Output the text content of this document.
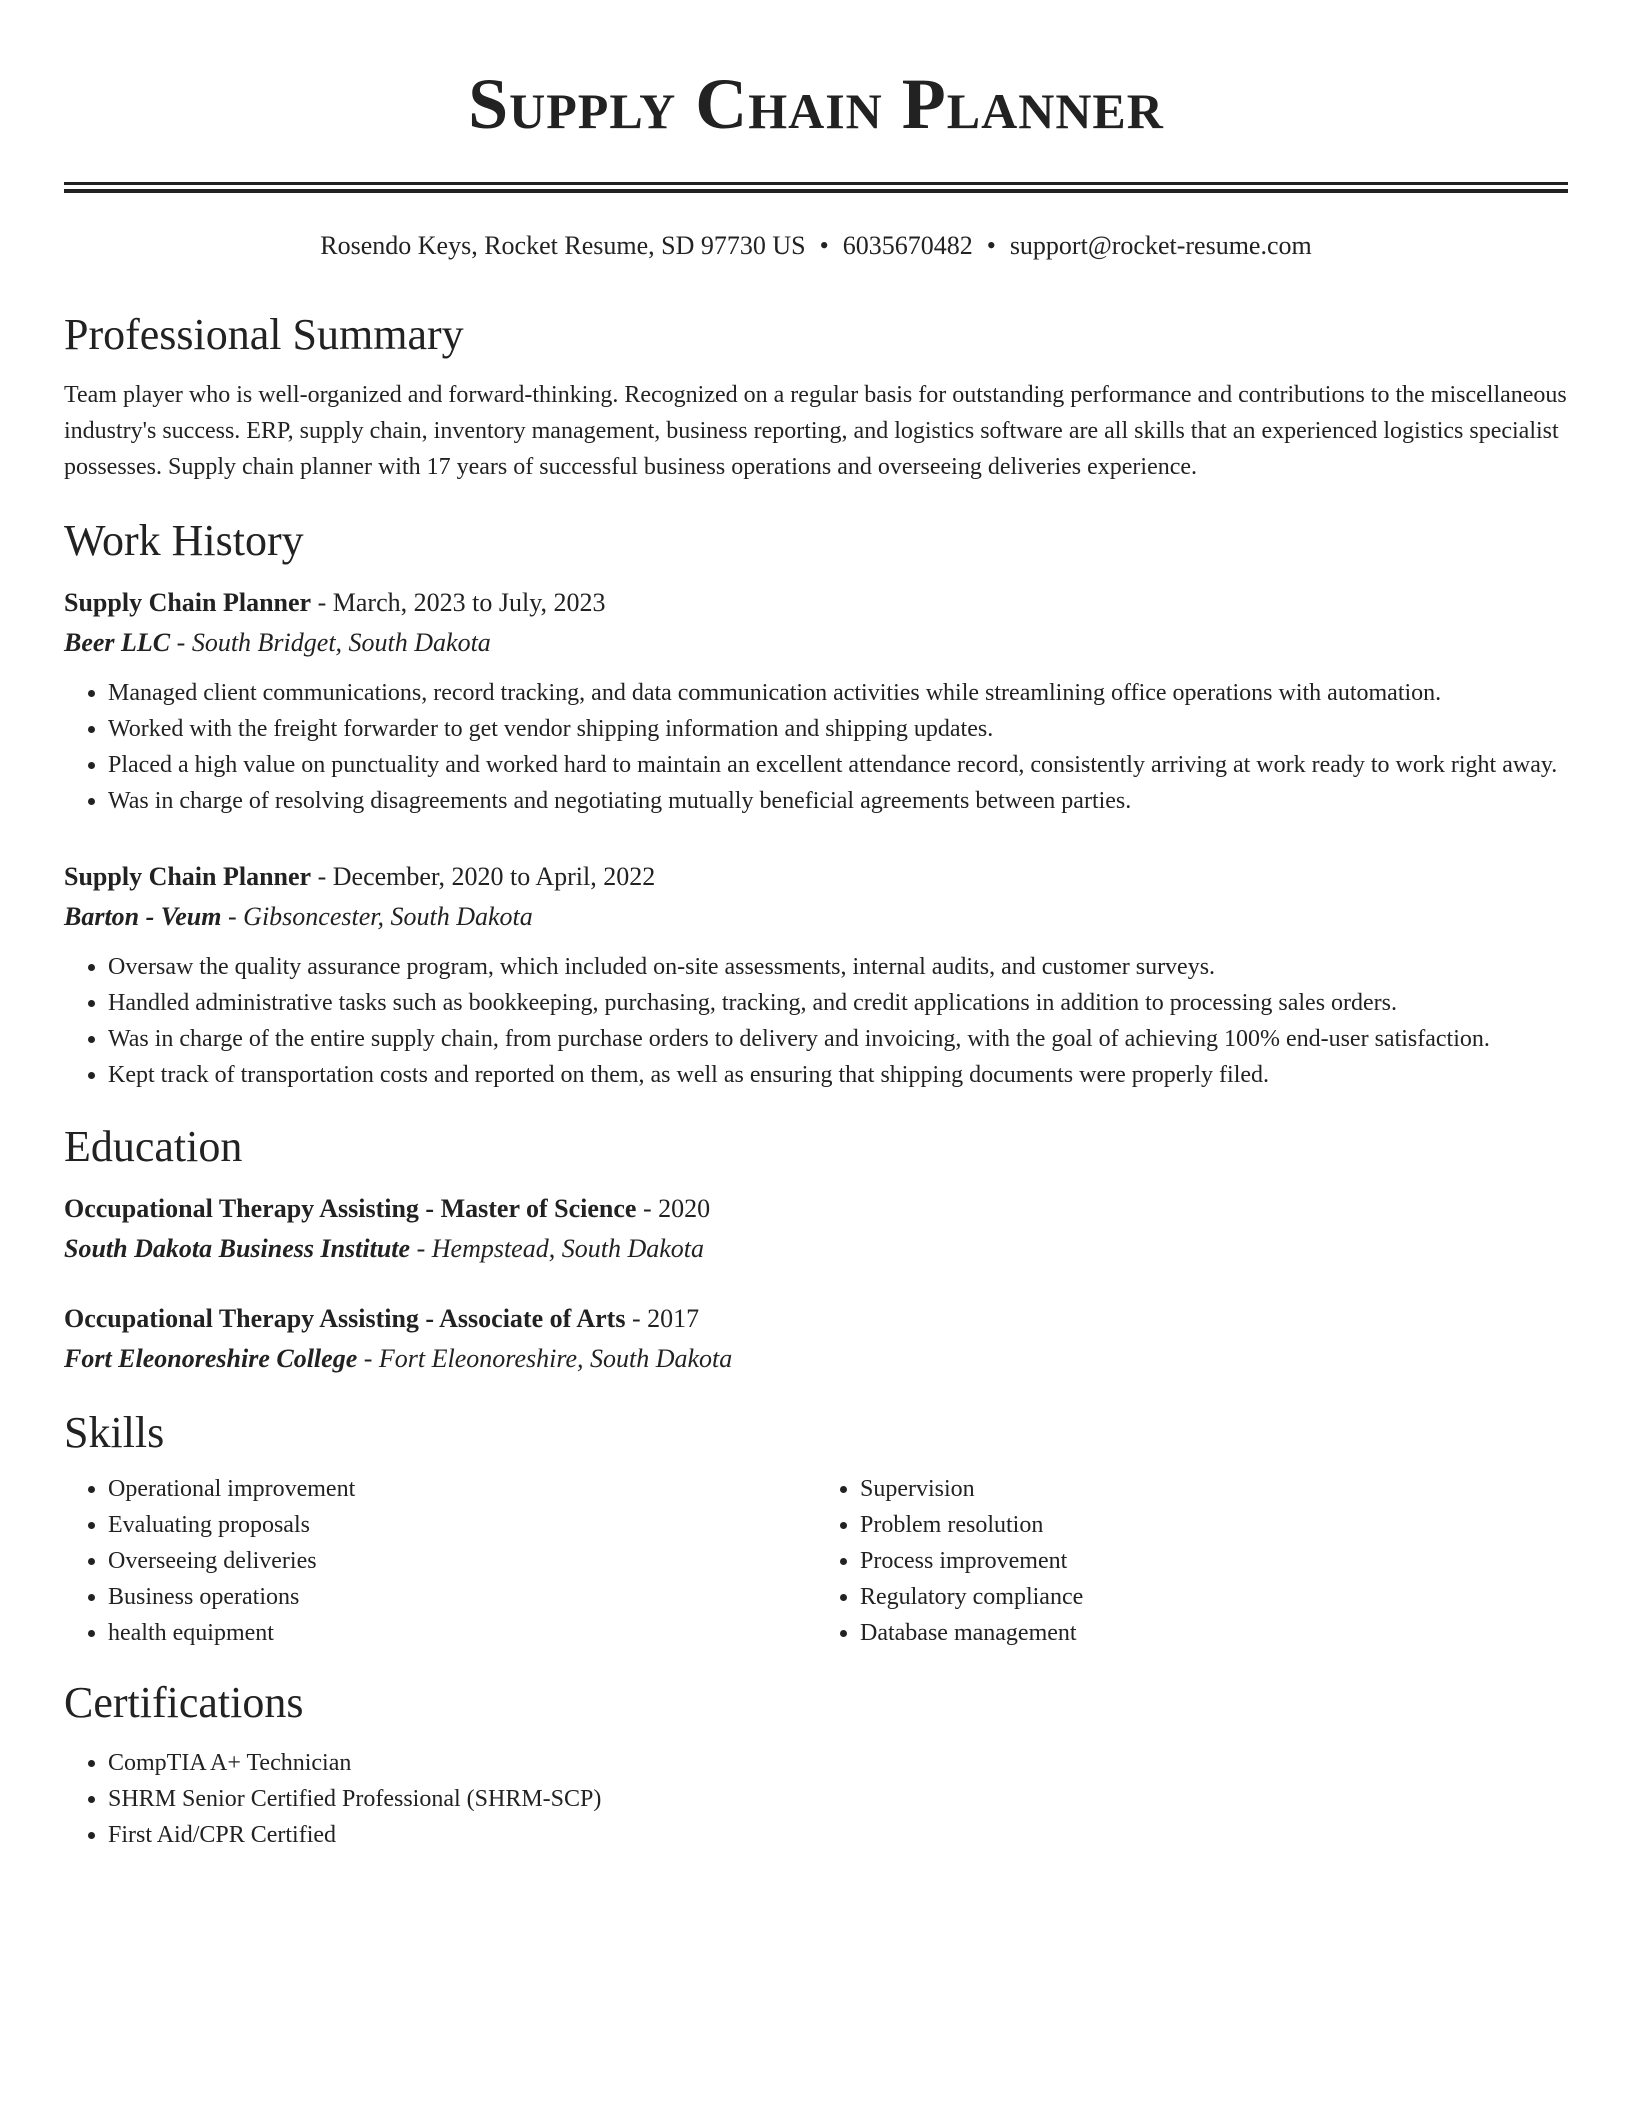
Supply Chain Planner
Rosendo Keys, Rocket Resume, SD 97730 US • 6035670482 • support@rocket-resume.com
Professional Summary
Team player who is well-organized and forward-thinking. Recognized on a regular basis for outstanding performance and contributions to the miscellaneous industry's success. ERP, supply chain, inventory management, business reporting, and logistics software are all skills that an experienced logistics specialist possesses. Supply chain planner with 17 years of successful business operations and overseeing deliveries experience.
Work History
Supply Chain Planner - March, 2023 to July, 2023
Beer LLC - South Bridget, South Dakota
• Managed client communications, record tracking, and data communication activities while streamlining office operations with automation.
• Worked with the freight forwarder to get vendor shipping information and shipping updates.
• Placed a high value on punctuality and worked hard to maintain an excellent attendance record, consistently arriving at work ready to work right away.
• Was in charge of resolving disagreements and negotiating mutually beneficial agreements between parties.
Supply Chain Planner - December, 2020 to April, 2022
Barton - Veum - Gibsoncester, South Dakota
• Oversaw the quality assurance program, which included on-site assessments, internal audits, and customer surveys.
• Handled administrative tasks such as bookkeeping, purchasing, tracking, and credit applications in addition to processing sales orders.
• Was in charge of the entire supply chain, from purchase orders to delivery and invoicing, with the goal of achieving 100% end-user satisfaction.
• Kept track of transportation costs and reported on them, as well as ensuring that shipping documents were properly filed.
Education
Occupational Therapy Assisting - Master of Science - 2020
South Dakota Business Institute - Hempstead, South Dakota
Occupational Therapy Assisting - Associate of Arts - 2017
Fort Eleonoreshire College - Fort Eleonoreshire, South Dakota
Skills
• Operational improvement
• Evaluating proposals
• Overseeing deliveries
• Business operations
• health equipment
• Supervision
• Problem resolution
• Process improvement
• Regulatory compliance
• Database management
Certifications
• CompTIA A+ Technician
• SHRM Senior Certified Professional (SHRM-SCP)
• First Aid/CPR Certified
